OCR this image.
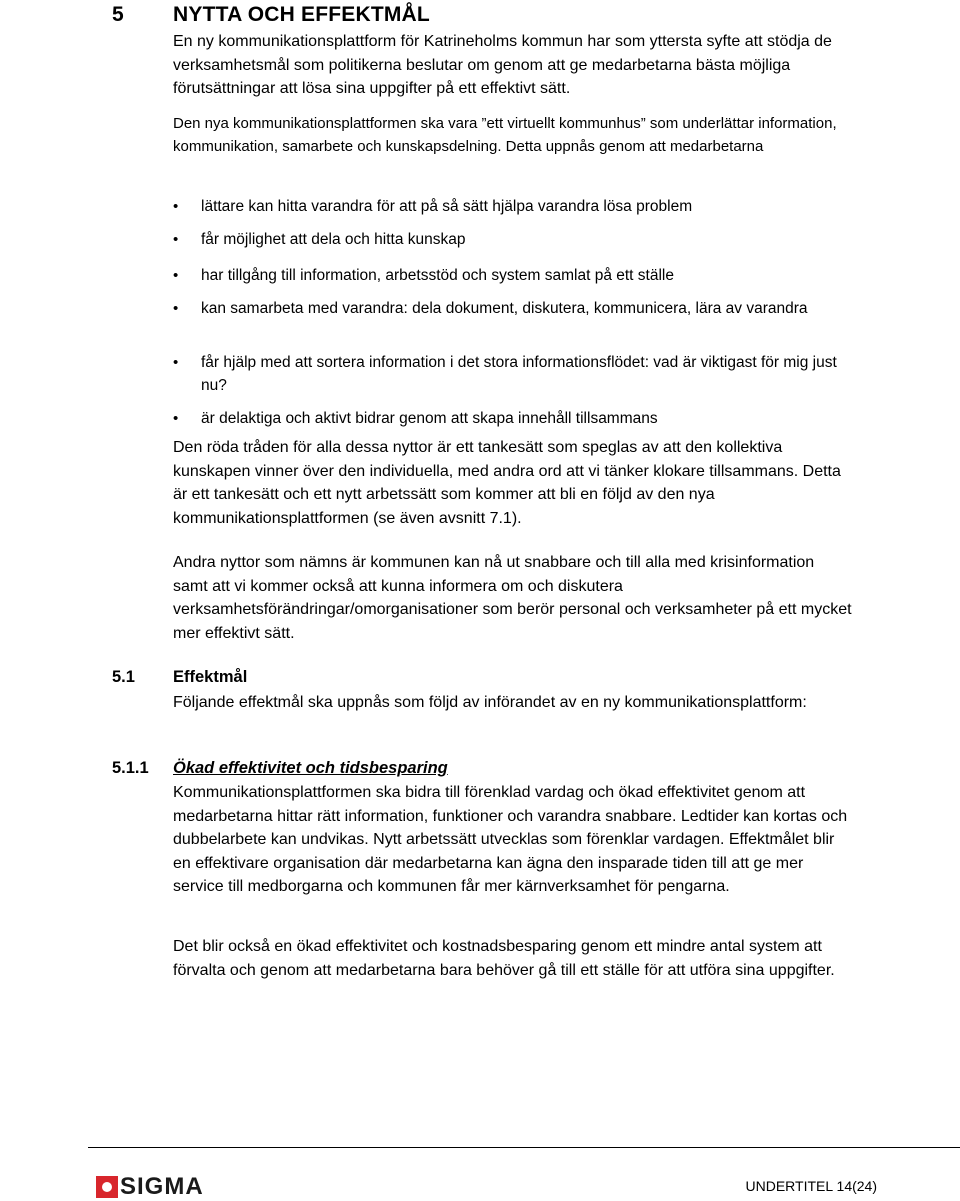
5 NYTTA OCH EFFEKTMÅL

En ny kommunikationsplattform för Katrineholms kommun har som yttersta syfte att stödja de verksamhetsmål som politikerna beslutar om genom att ge medarbetarna bästa möjliga förutsättningar att lösa sina uppgifter på ett effektivt sätt.

Den nya kommunikationsplattformen ska vara ”ett virtuellt kommunhus” som underlättar information, kommunikation, samarbete och kunskapsdelning. Detta uppnås genom att medarbetarna

• lättare kan hitta varandra för att på så sätt hjälpa varandra lösa problem
• får möjlighet att dela och hitta kunskap
• har tillgång till information, arbetsstöd och system samlat på ett ställe
• kan samarbeta med varandra: dela dokument, diskutera, kommunicera, lära av varandra
• får hjälp med att sortera information i det stora informationsflödet: vad är viktigast för mig just nu?
• är delaktiga och aktivt bidrar genom att skapa innehåll tillsammans

Den röda tråden för alla dessa nyttor är ett tankesätt som speglas av att den kollektiva kunskapen vinner över den individuella, med andra ord att vi tänker klokare tillsammans. Detta är ett tankesätt och ett nytt arbetssätt som kommer att bli en följd av den nya kommunikationsplattformen (se även avsnitt 7.1).

Andra nyttor som nämns är kommunen kan nå ut snabbare och till alla med krisinformation samt att vi kommer också att kunna informera om och diskutera verksamhetsförändringar/omorganisationer som berör personal och verksamheter på ett mycket mer effektivt sätt.

5.1 Effektmål

Följande effektmål ska uppnås som följd av införandet av en ny kommunikationsplattform:

5.1.1 Ökad effektivitet och tidsbesparing

Kommunikationsplattformen ska bidra till förenklad vardag och ökad effektivitet genom att medarbetarna hittar rätt information, funktioner och varandra snabbare. Ledtider kan kortas och dubbelarbete kan undvikas. Nytt arbetssätt utvecklas som förenklar vardagen. Effektmålet blir en effektivare organisation där medarbetarna kan ägna den insparade tiden till att ge mer service till medborgarna och kommunen får mer kärnverksamhet för pengarna.

Det blir också en ökad effektivitet och kostnadsbesparing genom ett mindre antal system att förvalta och genom att medarbetarna bara behöver gå till ett ställe för att utföra sina uppgifter.

SIGMA	UNDERTITEL 14(24)
